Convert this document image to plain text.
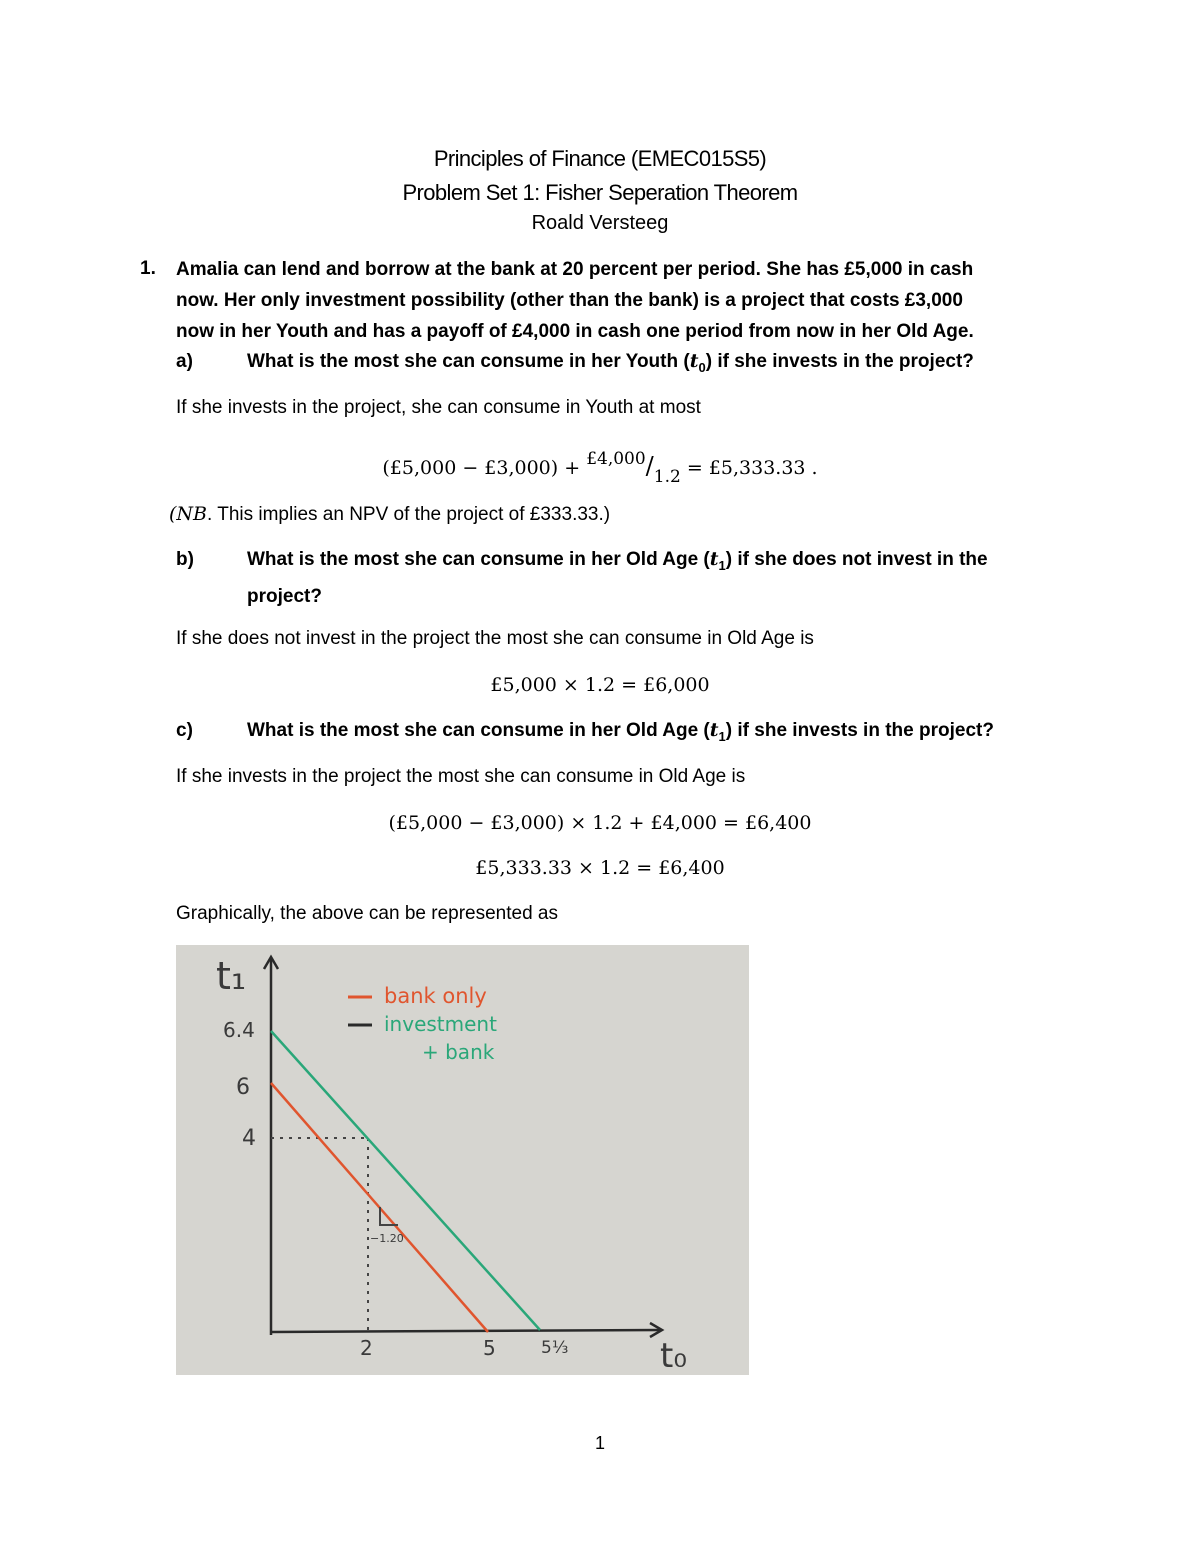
Principles of Finance (EMEC015S5)
Problem Set 1: Fisher Seperation Theorem
Roald Versteeg
1. Amalia can lend and borrow at the bank at 20 percent per period. She has £5,000 in cash
now. Her only investment possibility (other than the bank) is a project that costs £3,000
now in her Youth and has a payoff of £4,000 in cash one period from now in her Old Age.
a)	What is the most she can consume in her Youth $(t_0)$ if she invests in the project?
If she invests in the project, she can consume in Youth at most
(£5,000 − £3,000) + £4,000/1.2 = £5,333.33 .
(NB. This implies an NPV of the project of £333.33.)
b)	What is the most she can consume in her Old Age $(t_1)$ if she does not invest in the
project?
If she does not invest in the project the most she can consume in Old Age is
£5,000 × 1.2 = £6,000
c)	What is the most she can consume in her Old Age $(t_1)$ if she invests in the project?
If she invests in the project the most she can consume in Old Age is
(£5,000 − £3,000) × 1.2 + £4,000 = £6,400
£5,333.33 × 1.2 = £6,400
Graphically, the above can be represented as
t₁
t₀
6.4
6
4
2	5	5⅓
−1.20
bank only
investment
+ bank
1
